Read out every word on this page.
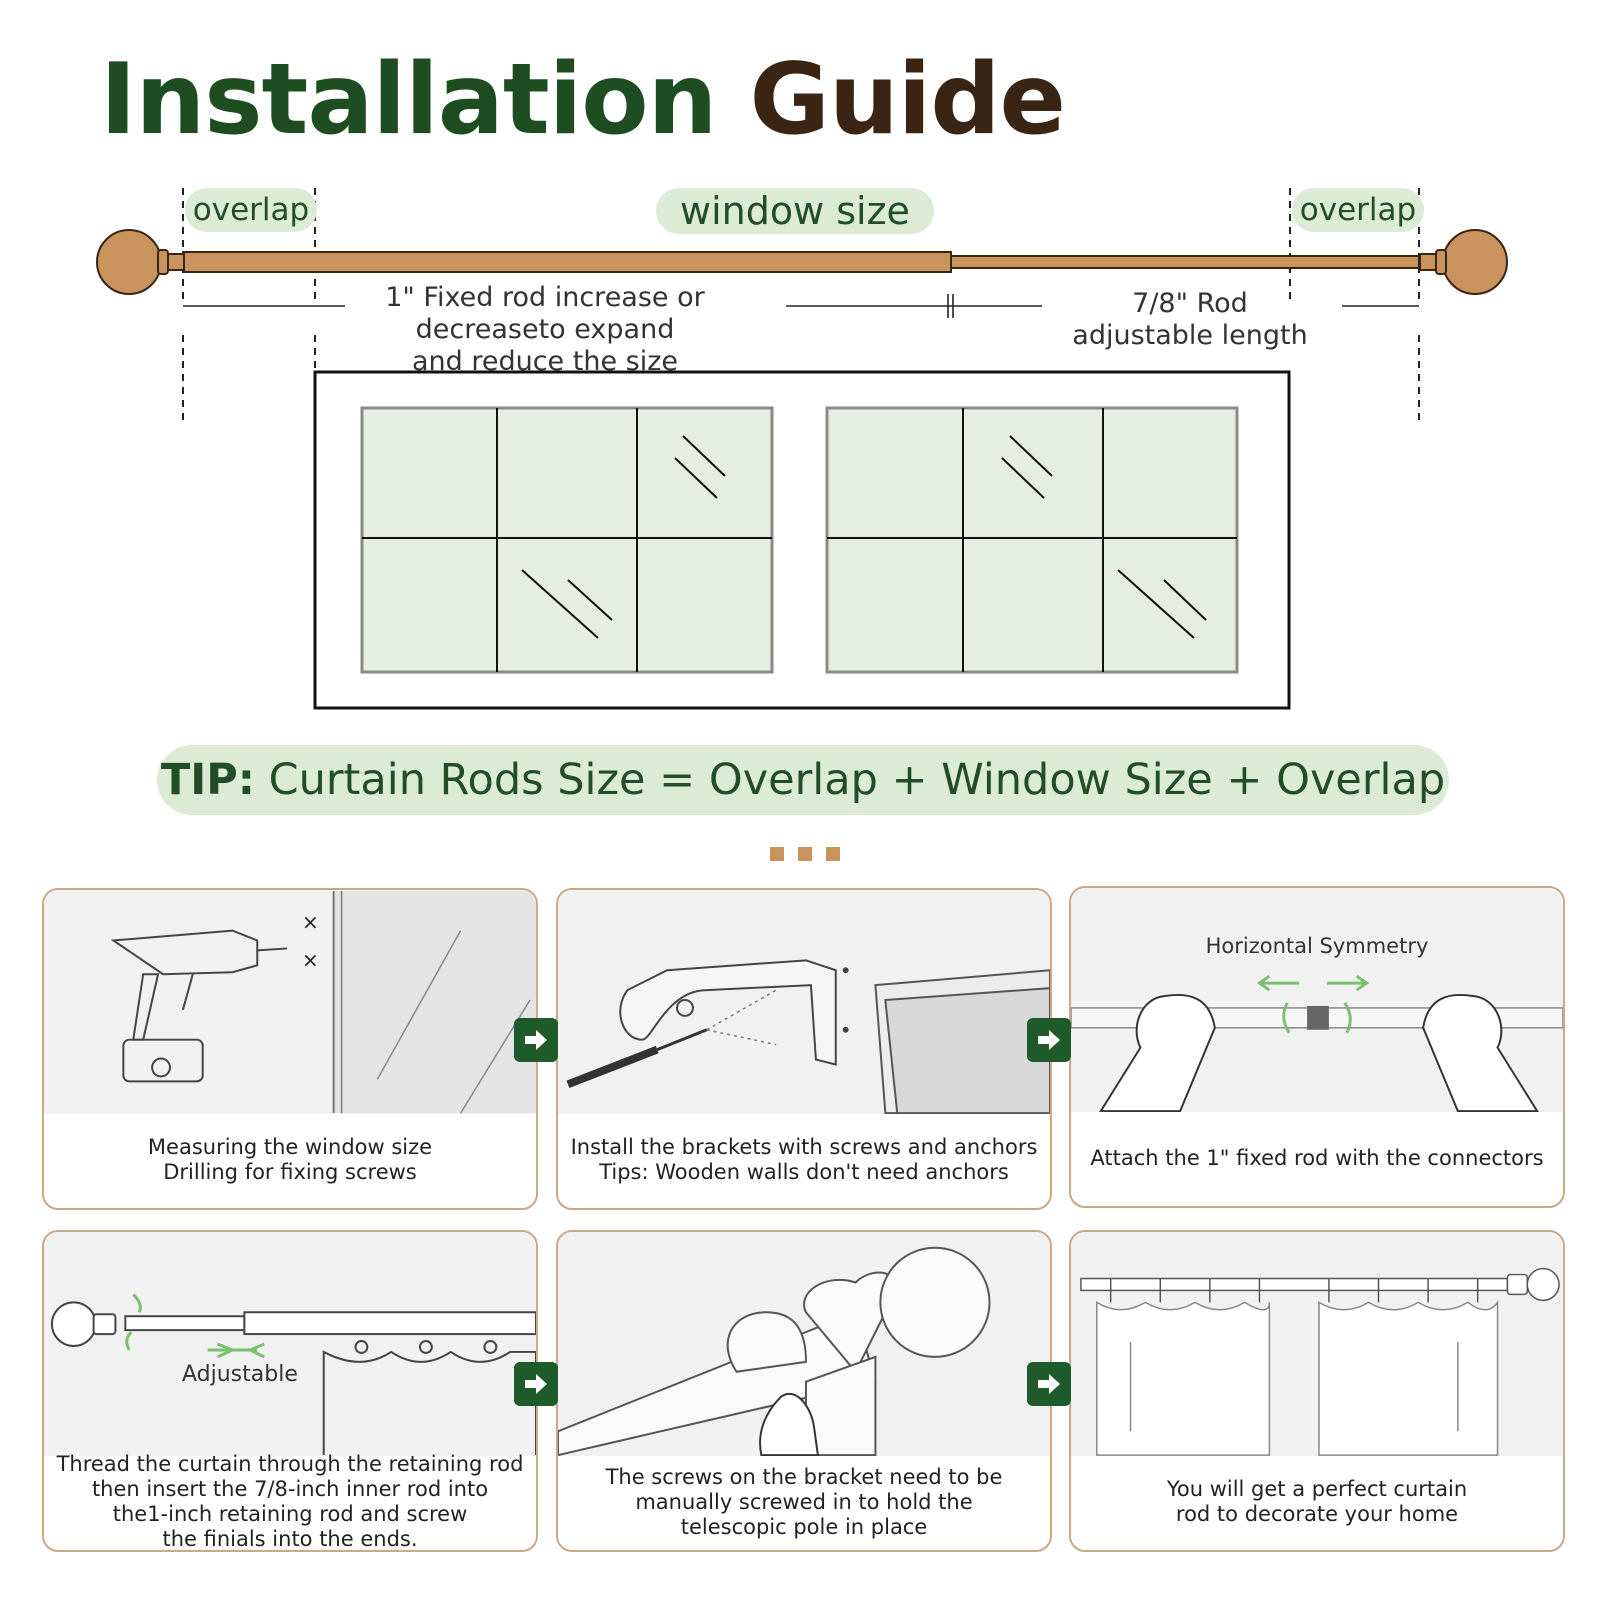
Installation Guide
overlap	window size	overlap
1" Fixed rod increase or
decreaseto expand
and reduce the size
7/8" Rod
adjustable length
TIP: Curtain Rods Size = Overlap + Window Size + Overlap
×
×
Measuring the window size
Drilling for fixing screws
Install the brackets with screws and anchors
Tips: Wooden walls don't need anchors
Horizontal Symmetry
Attach the 1" fixed rod with the connectors
Adjustable
Thread the curtain through the retaining rod
then insert the 7/8-inch inner rod into
the1-inch retaining rod and screw
the finials into the ends.
The screws on the bracket need to be
manually screwed in to hold the
telescopic pole in place
You will get a perfect curtain
rod to decorate your home
